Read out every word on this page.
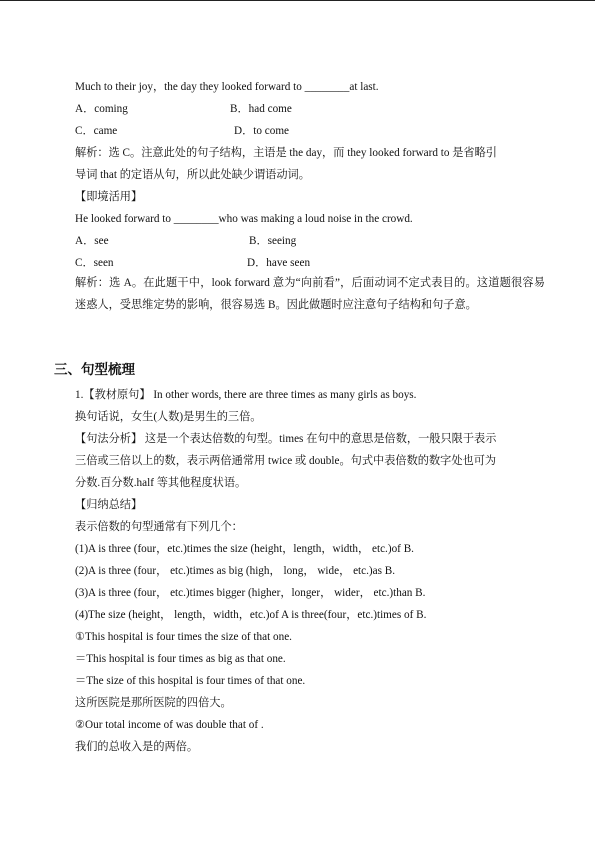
Much to their joy，the day they looked forward to ________at last.
A．coming	B．had come
C．came	D．to come
解析：选 C。注意此处的句子结构，主语是 the day，而 they looked forward to 是省略引
导词 that 的定语从句，所以此处缺少谓语动词。
【即境活用】
He looked forward to ________who was making a loud noise in the crowd.
A．see	B．seeing
C．seen	D．have seen
解析：选 A。在此题干中，look forward 意为“向前看”，后面动词不定式表目的。这道题很容易迷惑人，受思维定势的影响，很容易选 B。因此做题时应注意句子结构和句子意。
三、句型梳理
1.【教材原句】 In other words, there are three times as many girls as boys.
换句话说，女生(人数)是男生的三倍。
【句法分析】 这是一个表达倍数的句型。times 在句中的意思是倍数，一般只限于表示
三倍或三倍以上的数，表示两倍通常用 twice 或 double。句式中表倍数的数字处也可为
分数.百分数.half 等其他程度状语。
【归纳总结】
表示倍数的句型通常有下列几个：
(1)A is three (four，etc.)times the size (height，length，width， etc.)of B.
(2)A is three (four， etc.)times as big (high， long， wide， etc.)as B.
(3)A is three (four， etc.)times bigger (higher，longer， wider， etc.)than B.
(4)The size (height， length，width，etc.)of A is three(four，etc.)times of B.
①This hospital is four times the size of that one.
＝This hospital is four times as big as that one.
＝The size of this hospital is four times of that one.
这所医院是那所医院的四倍大。
②Our total income of was double that of .
我们的总收入是的两倍。
